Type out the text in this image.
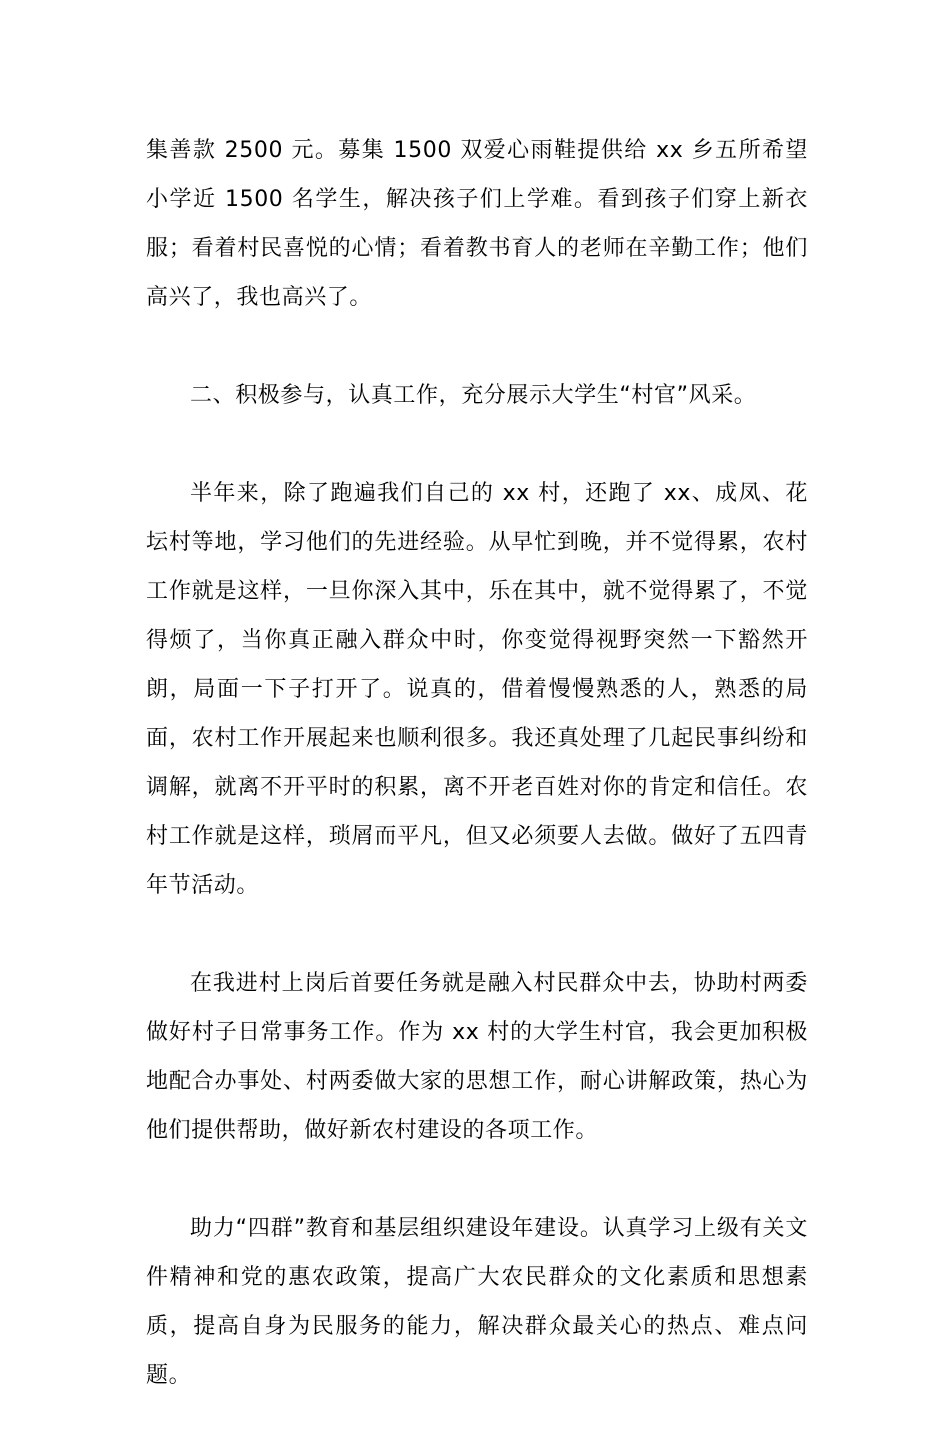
集善款 2500 元。募集 1500 双爱心雨鞋提供给 xx 乡五所希望小学近 1500 名学生，解决孩子们上学难。看到孩子们穿上新衣服；看着村民喜悦的心情；看着教书育人的老师在辛勤工作；他们高兴了，我也高兴了。

二、积极参与，认真工作，充分展示大学生“村官”风采。

半年来，除了跑遍我们自己的 xx 村，还跑了 xx、成凤、花坛村等地，学习他们的先进经验。从早忙到晚，并不觉得累，农村工作就是这样，一旦你深入其中，乐在其中，就不觉得累了，不觉得烦了，当你真正融入群众中时，你变觉得视野突然一下豁然开朗，局面一下子打开了。说真的，借着慢慢熟悉的人，熟悉的局面，农村工作开展起来也顺利很多。我还真处理了几起民事纠纷和调解，就离不开平时的积累，离不开老百姓对你的肯定和信任。农村工作就是这样，琐屑而平凡，但又必须要人去做。做好了五四青年节活动。

在我进村上岗后首要任务就是融入村民群众中去，协助村两委做好村子日常事务工作。作为 xx 村的大学生村官，我会更加积极地配合办事处、村两委做大家的思想工作，耐心讲解政策，热心为他们提供帮助，做好新农村建设的各项工作。

助力“四群”教育和基层组织建设年建设。认真学习上级有关文件精神和党的惠农政策，提高广大农民群众的文化素质和思想素质，提高自身为民服务的能力，解决群众最关心的热点、难点问题。
